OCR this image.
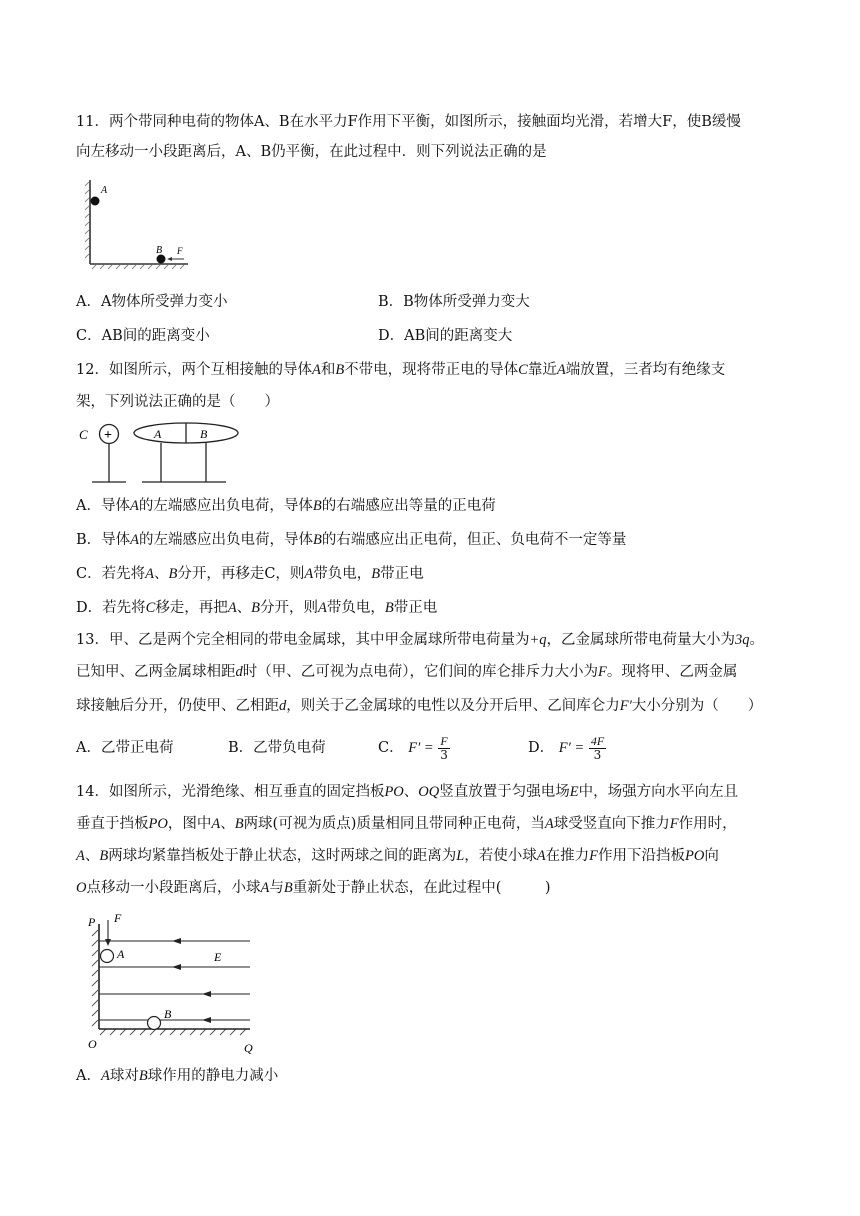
11．两个带同种电荷的物体A、B在水平力F作用下平衡，如图所示，接触面均光滑，若增大F，使B缓慢
向左移动一小段距离后，A、B仍平衡，在此过程中．则下列说法正确的是
A
B F
A．A物体所受弹力变小	B．B物体所受弹力变大
C．AB间的距离变小	D．AB间的距离变大
12．如图所示，两个互相接触的导体A和B不带电，现将带正电的导体C靠近A端放置，三者均有绝缘支
架，下列说法正确的是（　　）
C +	A	B
A．导体A的左端感应出负电荷，导体B的右端感应出等量的正电荷
B．导体A的左端感应出负电荷，导体B的右端感应出正电荷，但正、负电荷不一定等量
C．若先将A、B分开，再移走C，则A带负电，B带正电
D．若先将C移走，再把A、B分开，则A带负电，B带正电
13．甲、乙是两个完全相同的带电金属球，其中甲金属球所带电荷量为+q，乙金属球所带电荷量大小为3q。
已知甲、乙两金属球相距d时（甲、乙可视为点电荷），它们间的库仑排斥力大小为F。现将甲、乙两金属
球接触后分开，仍使甲、乙相距d，则关于乙金属球的电性以及分开后甲、乙间库仑力F′大小分别为（　　）
A．乙带正电荷	B．乙带负电荷	C． $F' = \frac{F}{3}$	D． $F' = \frac{4F}{3}$
14．如图所示，光滑绝缘、相互垂直的固定挡板PO、OQ竖直放置于匀强电场E中，场强方向水平向左且
垂直于挡板PO，图中A、B两球(可视为质点)质量相同且带同种正电荷，当A球受竖直向下推力F作用时，
A、B两球均紧靠挡板处于静止状态，这时两球之间的距离为L，若使小球A在推力F作用下沿挡板PO向
O点移动一小段距离后，小球A与B重新处于静止状态，在此过程中(　　　)
P F
A	E
B
O	Q
A．A球对B球作用的静电力减小
